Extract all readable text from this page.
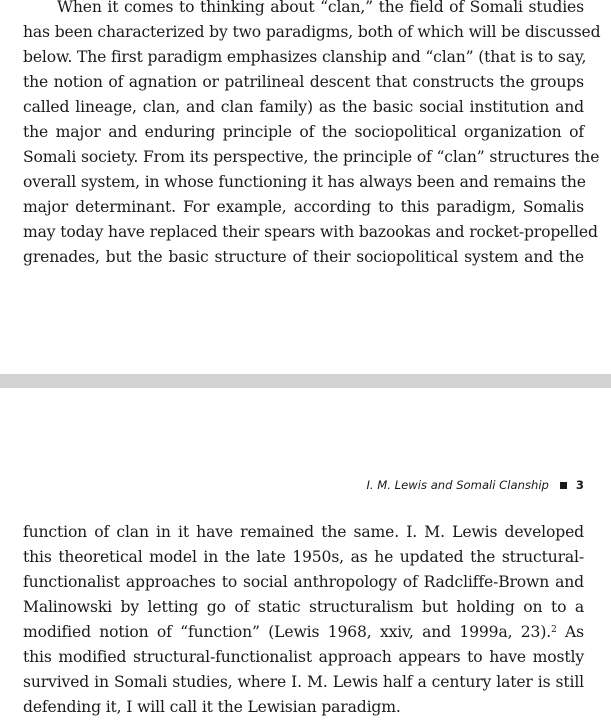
When it comes to thinking about “clan,” the field of Somali studies
has been characterized by two paradigms, both of which will be discussed
below. The first paradigm emphasizes clanship and “clan” (that is to say,
the notion of agnation or patrilineal descent that constructs the groups
called lineage, clan, and clan family) as the basic social institution and
the major and enduring principle of the sociopolitical organization of
Somali society. From its perspective, the principle of “clan” structures the
overall system, in whose functioning it has always been and remains the
major determinant. For example, according to this paradigm, Somalis
may today have replaced their spears with bazookas and rocket-propelled
grenades, but the basic structure of their sociopolitical system and the
I. M. Lewis and Somali Clanship 3
function of clan in it have remained the same. I. M. Lewis developed
this theoretical model in the late 1950s, as he updated the structural-
functionalist approaches to social anthropology of Radcliffe-Brown and
Malinowski by letting go of static structuralism but holding on to a
modified notion of “function” (Lewis 1968, xxiv, and 1999a, 23).$^2$ As
this modified structural-functionalist approach appears to have mostly
survived in Somali studies, where I. M. Lewis half a century later is still
defending it, I will call it the Lewisian paradigm.
